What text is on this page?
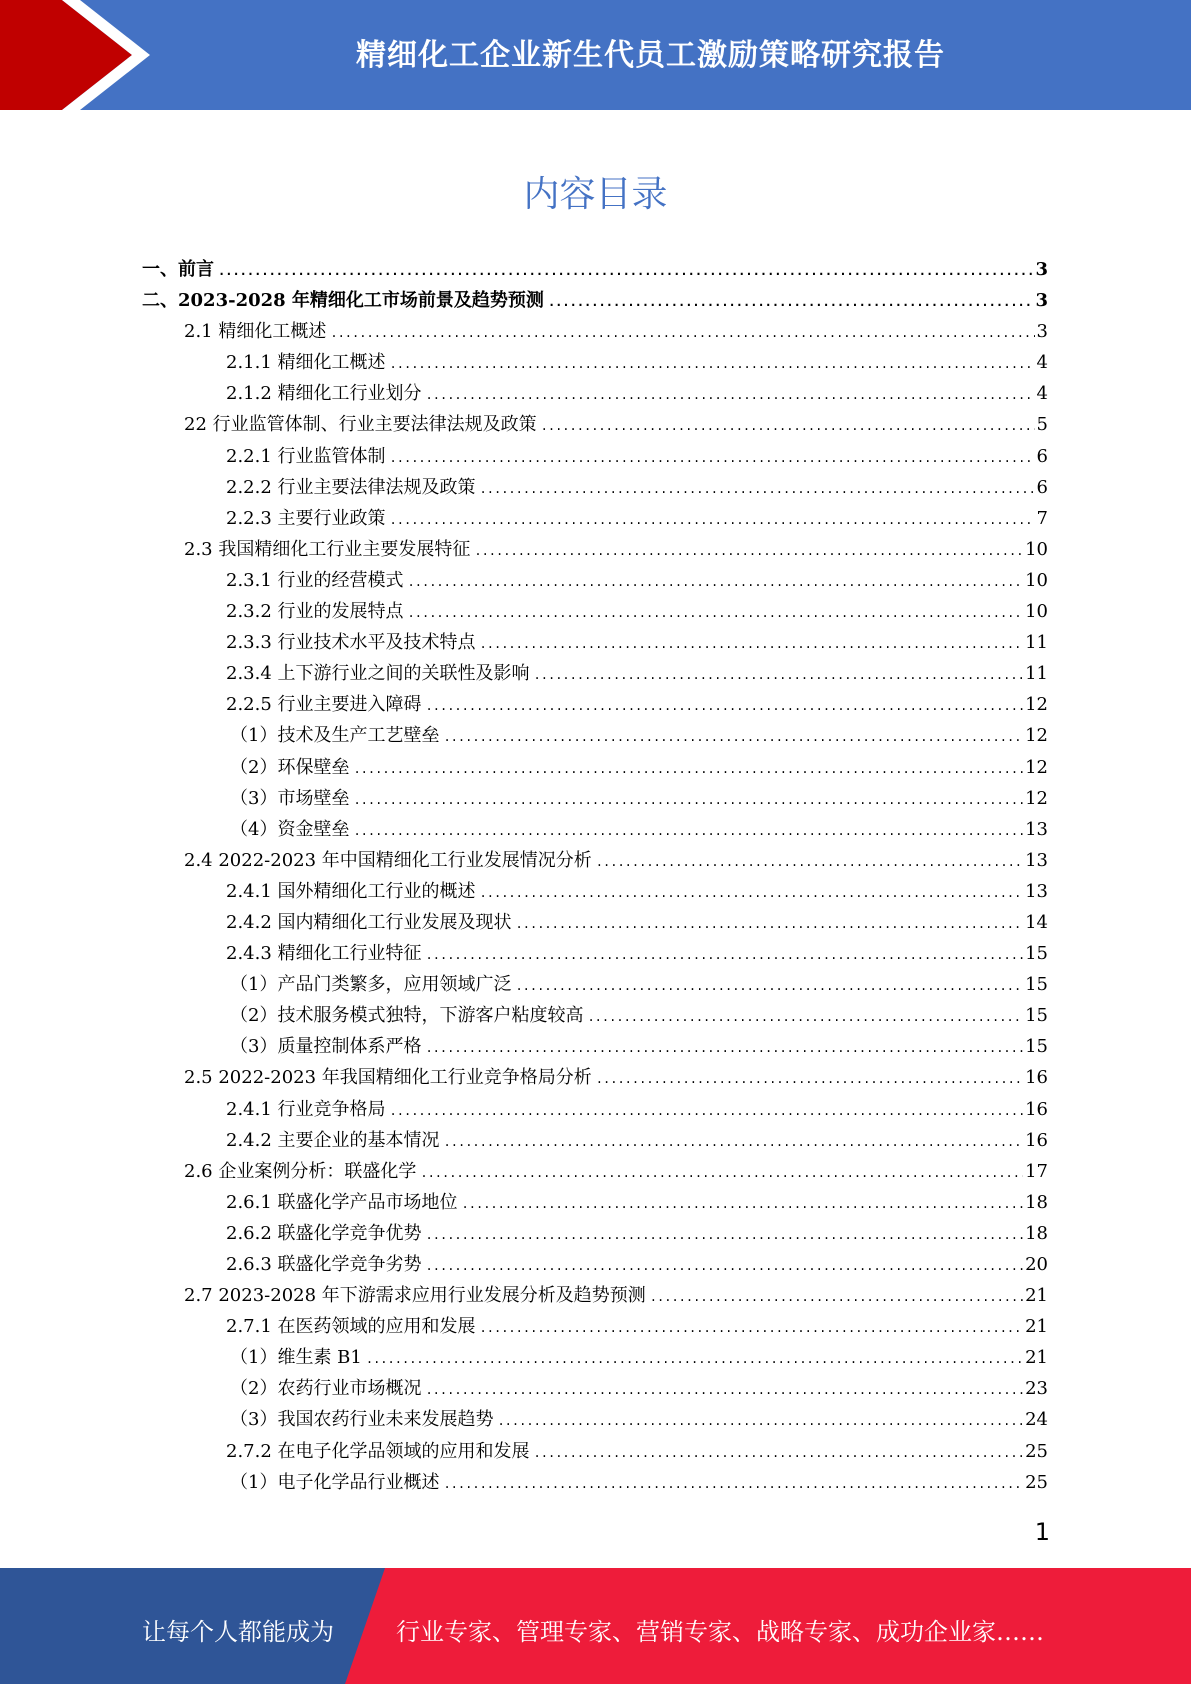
精细化工企业新生代员工激励策略研究报告
内容目录
一、前言 .....	3
二、2023-2028 年精细化工市场前景及趋势预测 .....	3
2.1 精细化工概述 .....	3
2.1.1 精细化工概述 .....	4
2.1.2 精细化工行业划分 .....	4
22 行业监管体制、行业主要法律法规及政策 .....	5
2.2.1 行业监管体制 .....	6
2.2.2 行业主要法律法规及政策 .....	6
2.2.3 主要行业政策 .....	7
2.3 我国精细化工行业主要发展特征 .....	10
2.3.1 行业的经营模式 .....	10
2.3.2 行业的发展特点 .....	10
2.3.3 行业技术水平及技术特点 .....	11
2.3.4 上下游行业之间的关联性及影响 .....	11
2.2.5 行业主要进入障碍 .....	12
（1）技术及生产工艺壁垒 .....	12
（2）环保壁垒 .....	12
（3）市场壁垒 .....	12
（4）资金壁垒 .....	13
2.4 2022-2023 年中国精细化工行业发展情况分析 .....	13
2.4.1 国外精细化工行业的概述 .....	13
2.4.2 国内精细化工行业发展及现状 .....	14
2.4.3 精细化工行业特征 .....	15
（1）产品门类繁多，应用领域广泛 .....	15
（2）技术服务模式独特，下游客户粘度较高 .....	15
（3）质量控制体系严格 .....	15
2.5 2022-2023 年我国精细化工行业竞争格局分析 .....	16
2.4.1 行业竞争格局 .....	16
2.4.2 主要企业的基本情况 .....	16
2.6 企业案例分析：联盛化学 .....	17
2.6.1 联盛化学产品市场地位 .....	18
2.6.2 联盛化学竞争优势 .....	18
2.6.3 联盛化学竞争劣势 .....	20
2.7 2023-2028 年下游需求应用行业发展分析及趋势预测 .....	21
2.7.1 在医药领域的应用和发展 .....	21
（1）维生素 B1 .....	21
（2）农药行业市场概况 .....	23
（3）我国农药行业未来发展趋势 .....	24
2.7.2 在电子化学品领域的应用和发展 .....	25
（1）电子化学品行业概述 .....	25
1
让每个人都能成为	行业专家、管理专家、营销专家、战略专家、成功企业家……
